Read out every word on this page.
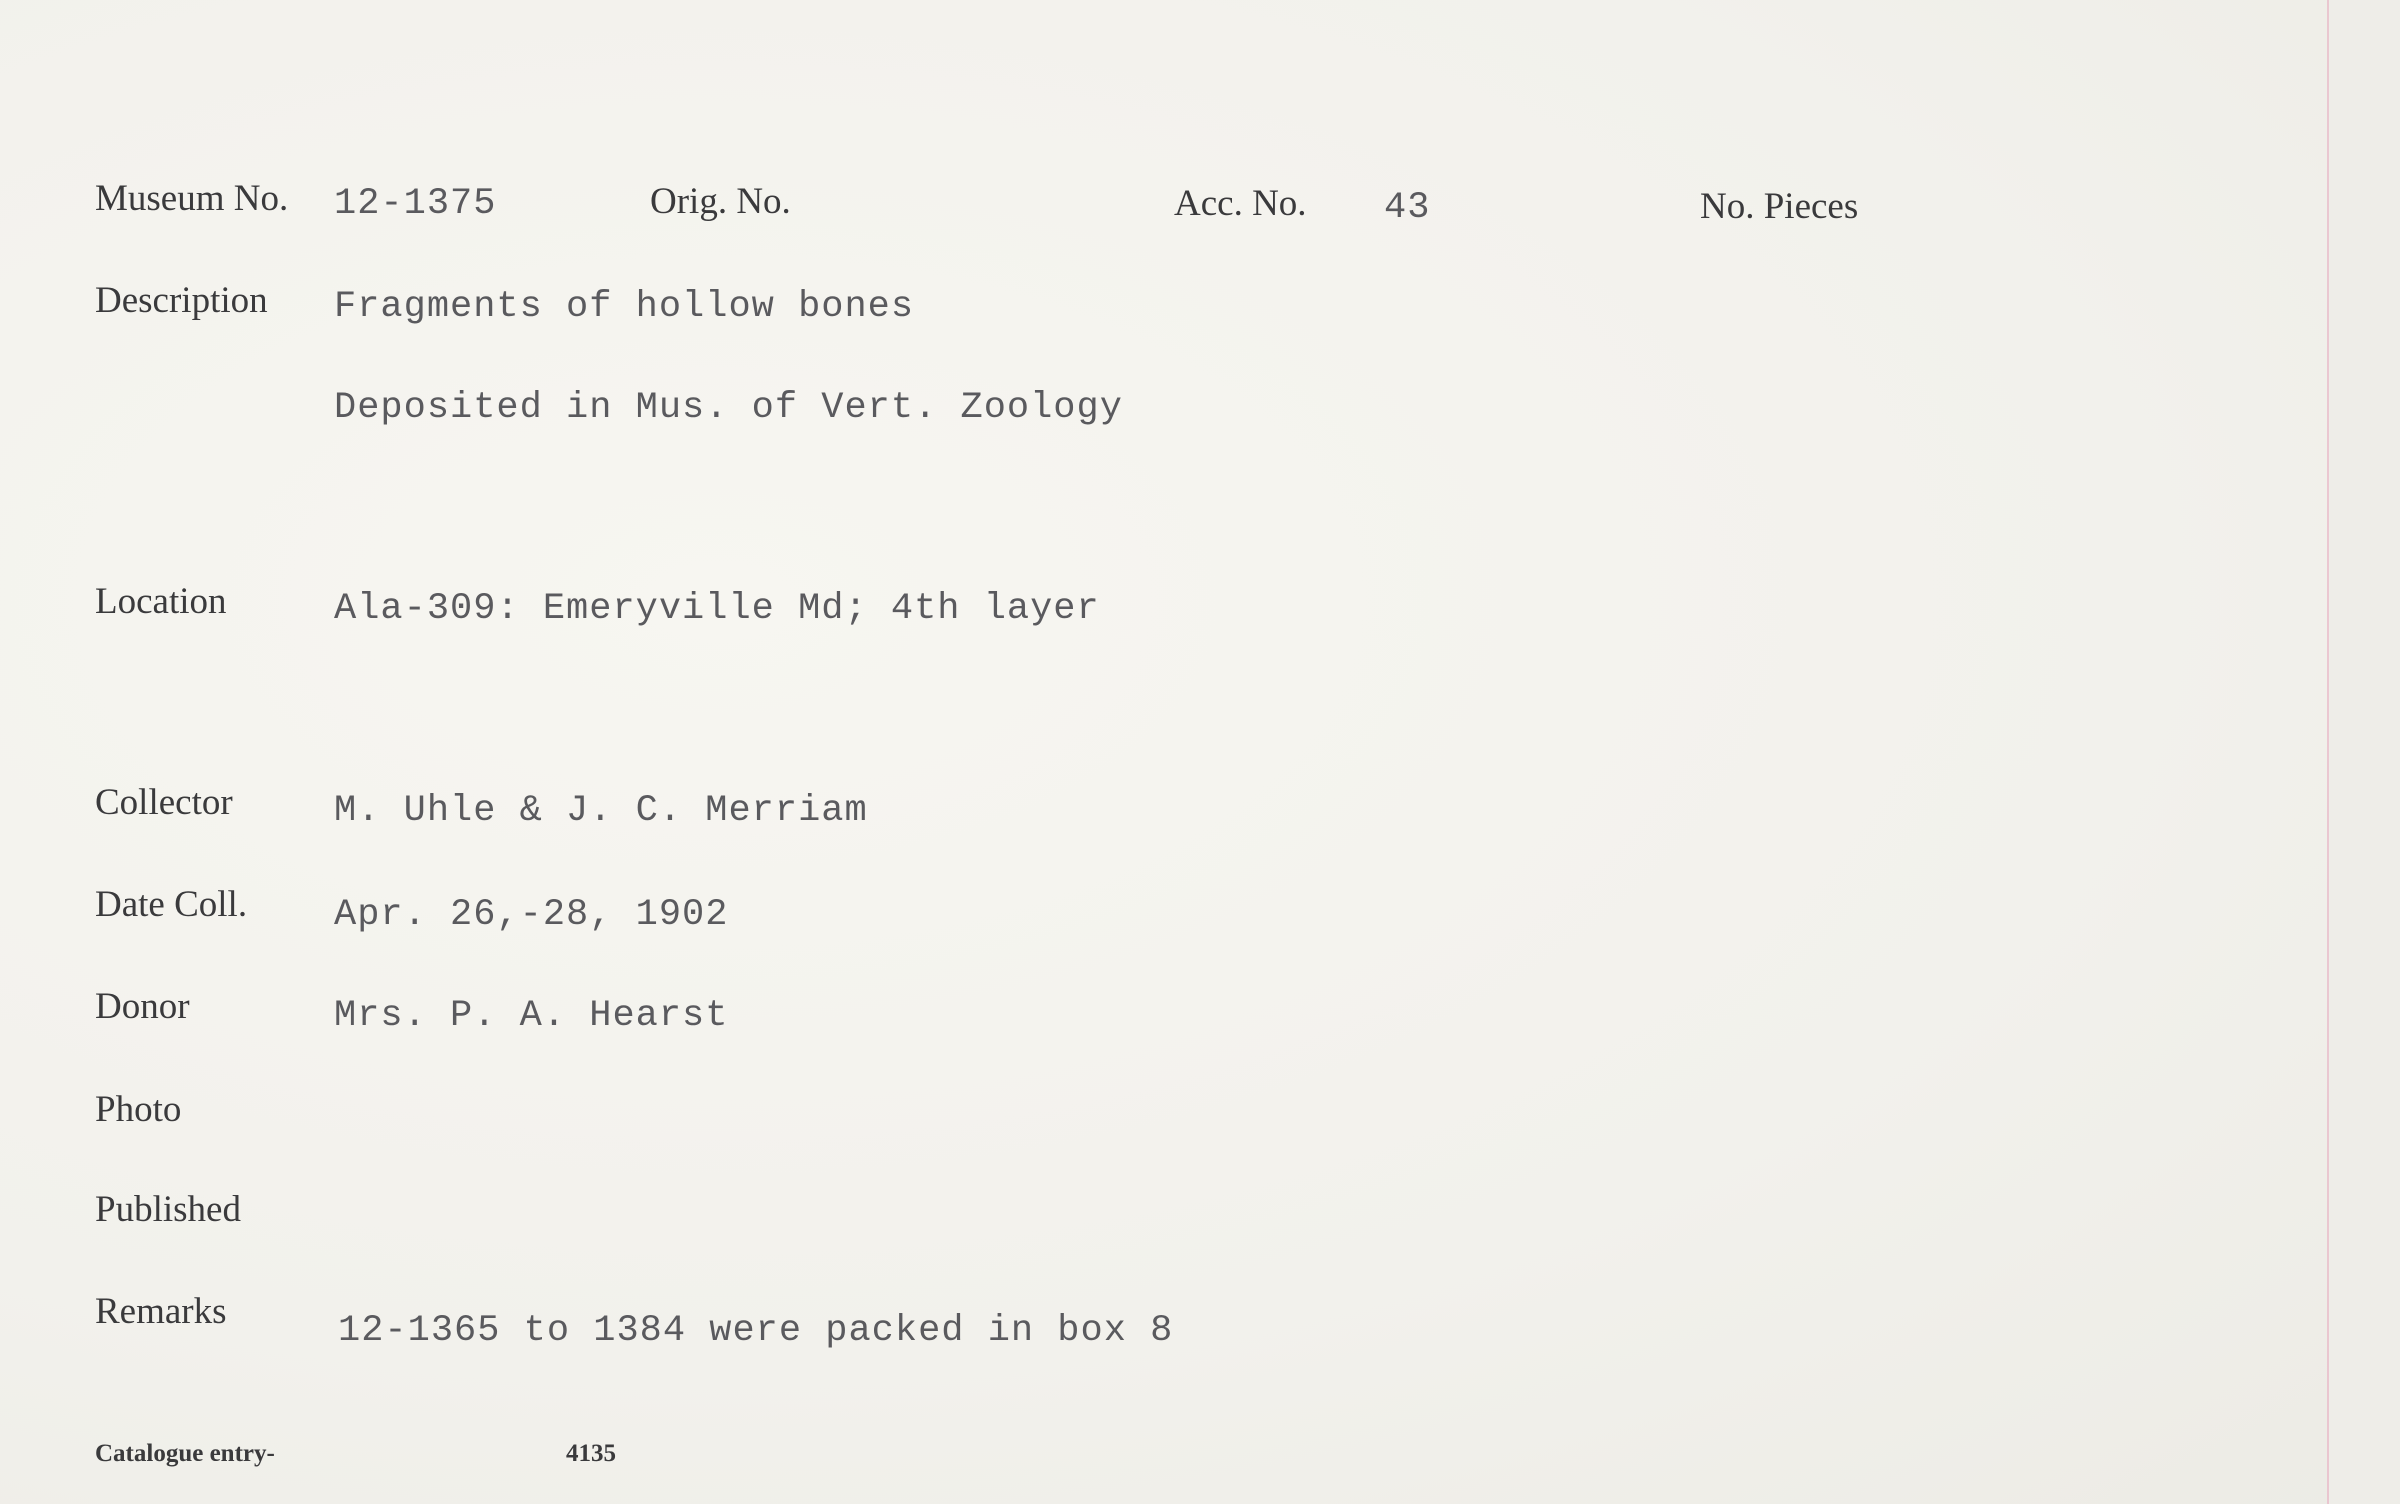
Museum No. 12-1375	Orig. No.	Acc. No. 43	No. Pieces
Description Fragments of hollow bones
Deposited in Mus. of Vert. Zoology
Location	Ala-309: Emeryville Md; 4th layer
Collector	M. Uhle & J. C. Merriam
Date Coll. Apr. 26,-28, 1902
Donor	Mrs. P. A. Hearst
Photo
Published
Remarks	12-1365 to 1384 were packed in box 8
Catalogue entry-	4135
